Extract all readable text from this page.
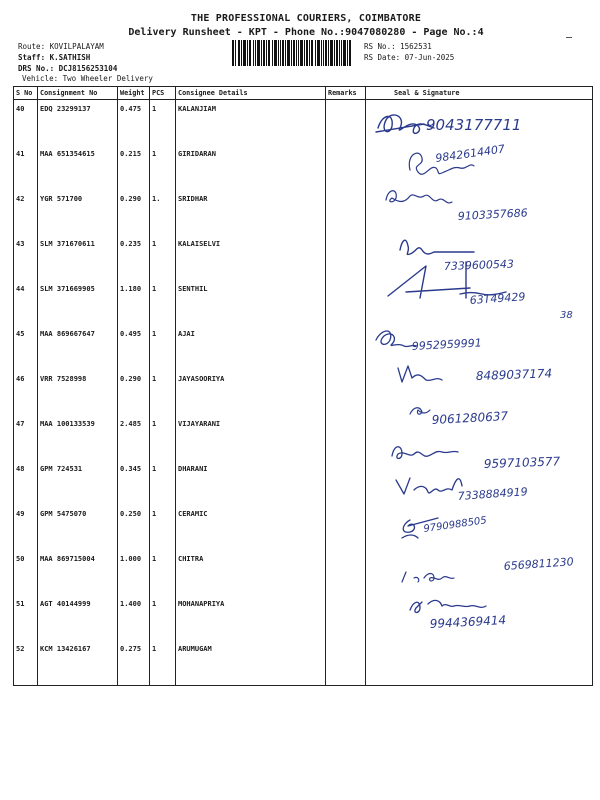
THE PROFESSIONAL COURIERS, COIMBATORE
Delivery Runsheet - KPT - Phone No.:9047080280 - Page No.:4
Route: KOVILPALAYAM
Staff: K.SATHISH
DRS No.: DCJ8156253104
Vehicle: Two Wheeler Delivery
RS No.: 1562531
RS Date: 07-Jun-2025
S No	Consignment No	Weight	PCS	Consignee Details	Remarks	Seal & Signature
40	EDQ 23299137	0.475	1	KALANJIAM		
41	MAA 651354615	0.215	1	GIRIDARAN		
42	YGR 571700	0.290	1.	SRIDHAR		
43	SLM 371670611	0.235	1	KALAISELVI		
44	SLM 371669905	1.180	1	SENTHIL		
45	MAA 869667647	0.495	1	AJAI		
46	VRR 7528998	0.290	1	JAYASOORIYA		
47	MAA 100133539	2.485	1	VIJAYARANI		
48	GPM 724531	0.345	1	DHARANI		
49	GPM 5475070	0.250	1	CERAMIC		
50	MAA 869715004	1.000	1	CHITRA		
51	AGT 40144999	1.400	1	MOHANAPRIYA		
52	KCM 13426167	0.275	1	ARUMUGAM		
9043177711
9842614407
9103357686
7339600543
63T49429
9952959991
8489037174
9061280637
9597103577
7338884919
9790988505
6569811230
9944369414
38
